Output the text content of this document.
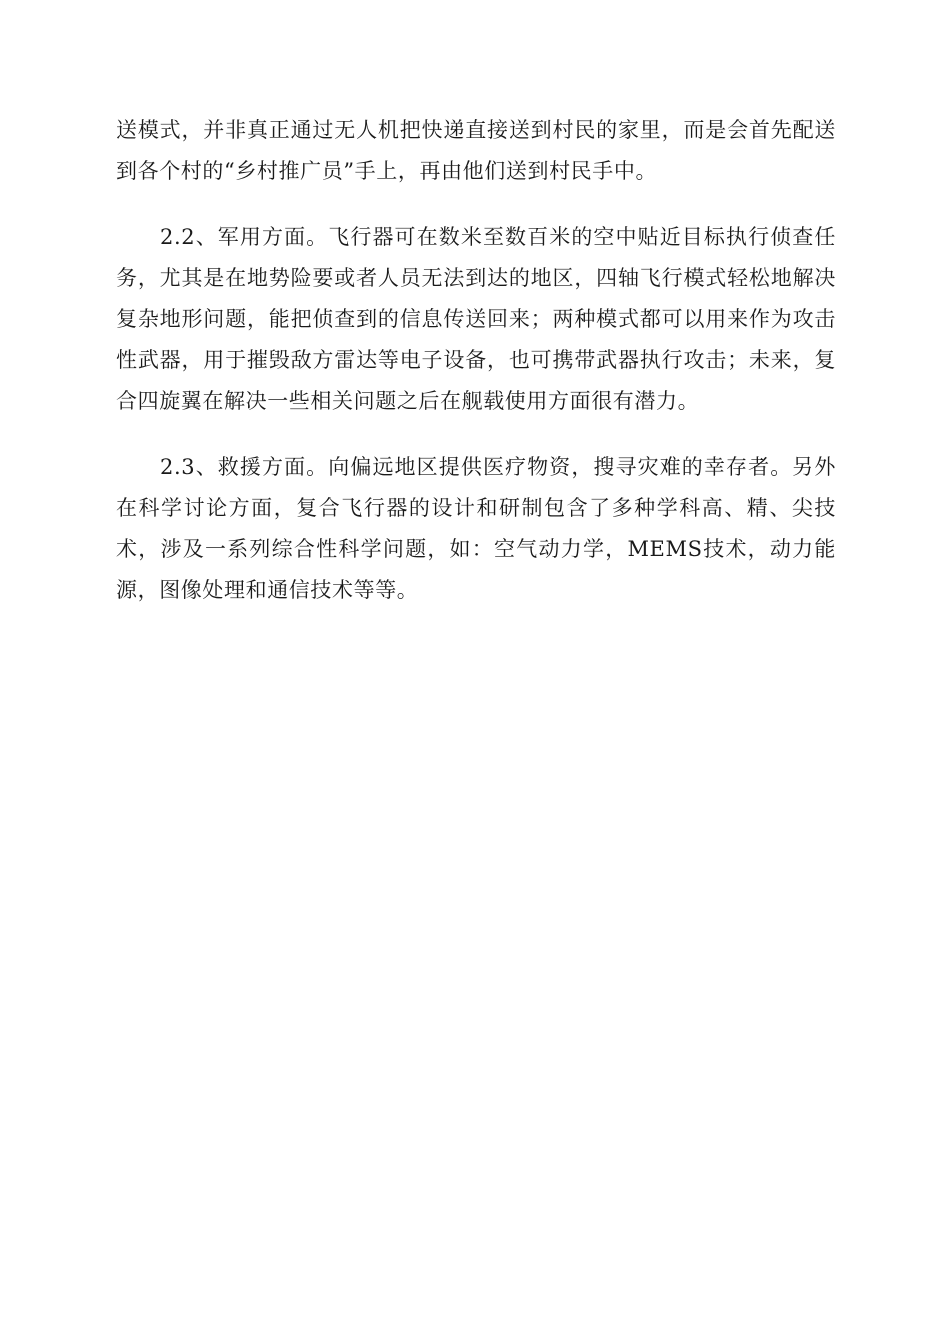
送模式，并非真正通过无人机把快递直接送到村民的家里，而是会首先配送到各个村的“乡村推广员”手上，再由他们送到村民手中。

2.2、军用方面。飞行器可在数米至数百米的空中贴近目标执行侦查任务，尤其是在地势险要或者人员无法到达的地区，四轴飞行模式轻松地解决复杂地形问题，能把侦查到的信息传送回来；两种模式都可以用来作为攻击性武器，用于摧毁敌方雷达等电子设备，也可携带武器执行攻击；未来，复合四旋翼在解决一些相关问题之后在舰载使用方面很有潜力。

2.3、救援方面。向偏远地区提供医疗物资，搜寻灾难的幸存者。另外在科学讨论方面，复合飞行器的设计和研制包含了多种学科高、精、尖技术，涉及一系列综合性科学问题，如：空气动力学，MEMS技术，动力能源，图像处理和通信技术等等。
